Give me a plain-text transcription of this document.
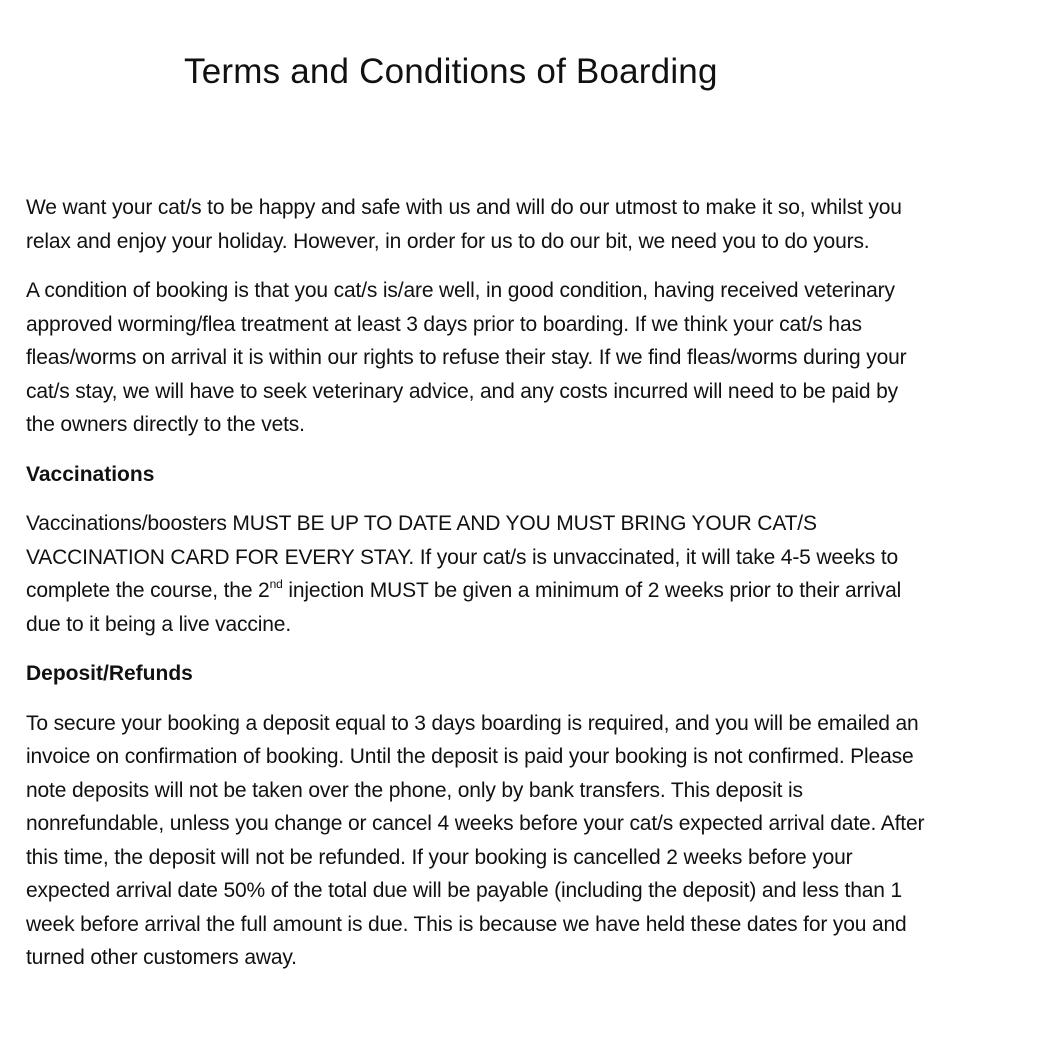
Terms and Conditions of Boarding

We want your cat/s to be happy and safe with us and will do our utmost to make it so, whilst you relax and enjoy your holiday. However, in order for us to do our bit, we need you to do yours.

A condition of booking is that you cat/s is/are well, in good condition, having received veterinary approved worming/flea treatment at least 3 days prior to boarding. If we think your cat/s has fleas/worms on arrival it is within our rights to refuse their stay. If we find fleas/worms during your cat/s stay, we will have to seek veterinary advice, and any costs incurred will need to be paid by the owners directly to the vets.

Vaccinations

Vaccinations/boosters MUST BE UP TO DATE AND YOU MUST BRING YOUR CAT/S VACCINATION CARD FOR EVERY STAY. If your cat/s is unvaccinated, it will take 4-5 weeks to complete the course, the 2nd injection MUST be given a minimum of 2 weeks prior to their arrival due to it being a live vaccine.

Deposit/Refunds

To secure your booking a deposit equal to 3 days boarding is required, and you will be emailed an invoice on confirmation of booking. Until the deposit is paid your booking is not confirmed. Please note deposits will not be taken over the phone, only by bank transfers. This deposit is nonrefundable, unless you change or cancel 4 weeks before your cat/s expected arrival date. After this time, the deposit will not be refunded. If your booking is cancelled 2 weeks before your expected arrival date 50% of the total due will be payable (including the deposit) and less than 1 week before arrival the full amount is due. This is because we have held these dates for you and turned other customers away.
